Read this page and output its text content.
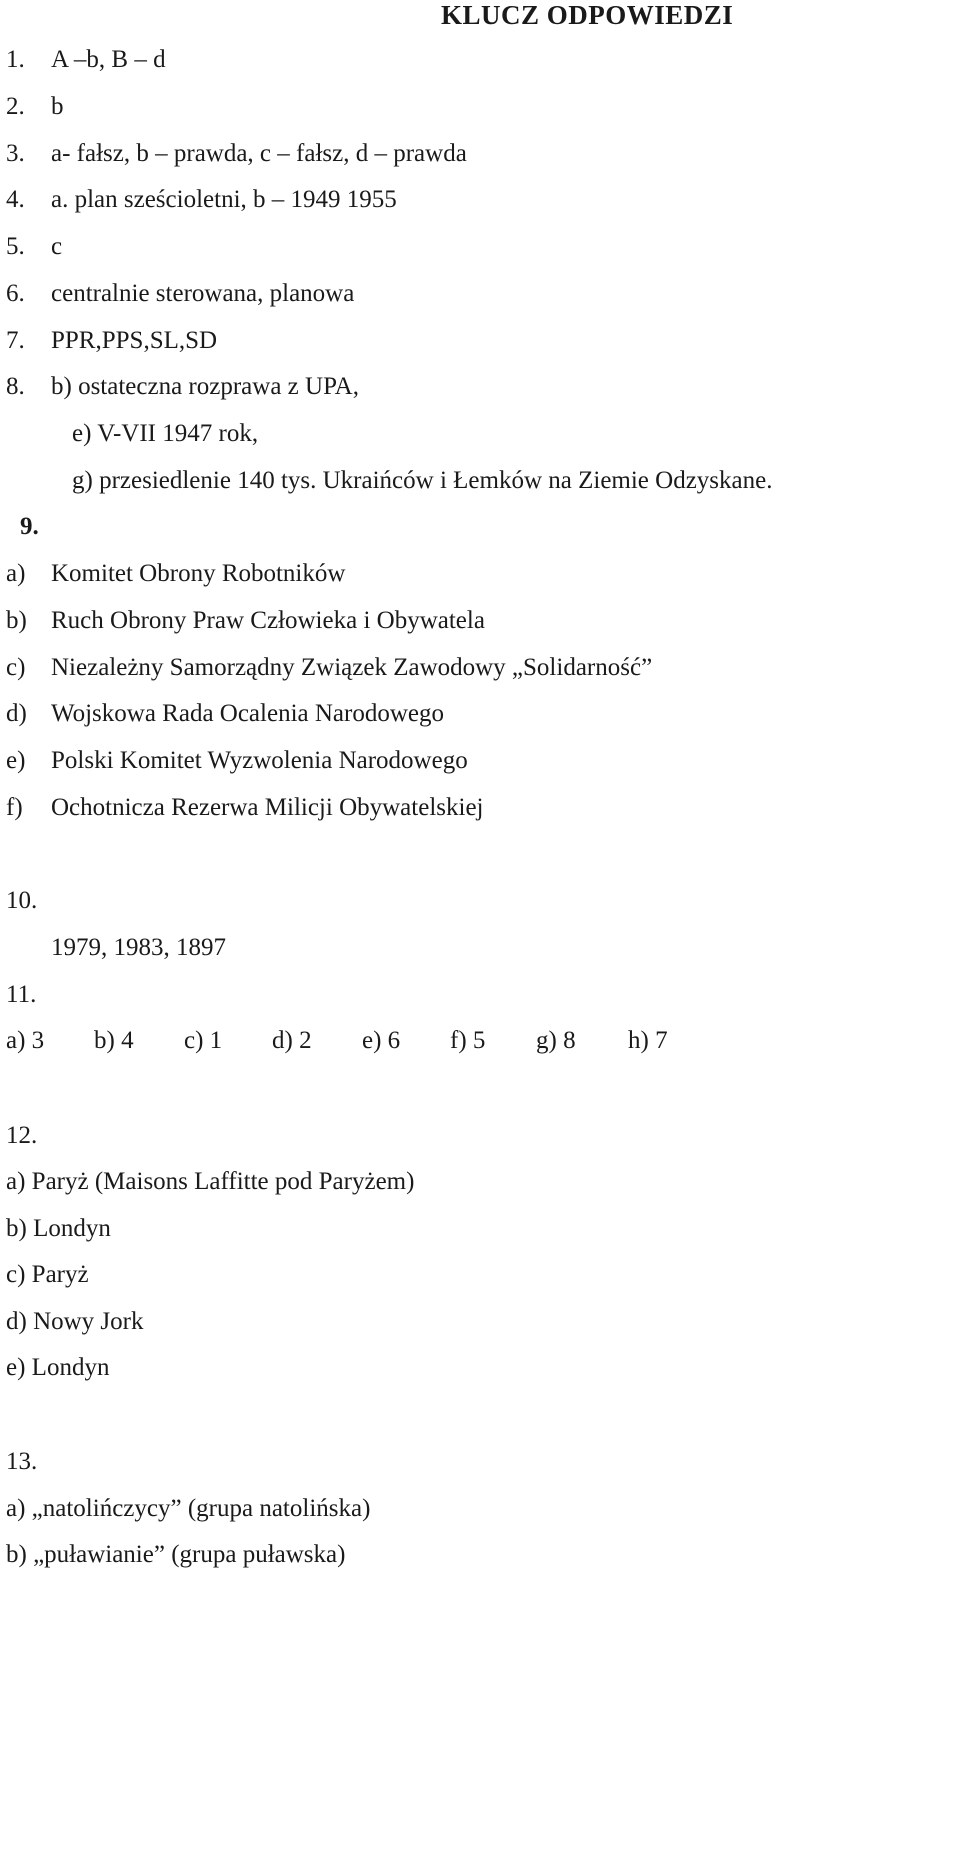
KLUCZ ODPOWIEDZI
1. A –b, B – d
2. b
3. a- fałsz, b – prawda, c – fałsz, d – prawda
4. a. plan sześcioletni, b – 1949 1955
5. c
6. centralnie sterowana, planowa
7. PPR,PPS,SL,SD
8. b) ostateczna rozprawa z UPA,
e) V-VII 1947 rok,
g) przesiedlenie 140 tys. Ukraińców i Łemków na Ziemie Odzyskane.
9.
a) Komitet Obrony Robotników
b) Ruch Obrony Praw Człowieka i Obywatela
c) Niezależny Samorządny Związek Zawodowy „Solidarność”
d) Wojskowa Rada Ocalenia Narodowego
e) Polski Komitet Wyzwolenia Narodowego
f) Ochotnicza Rezerwa Milicji Obywatelskiej
10.
1979, 1983, 1897
11.
a) 3 b) 4 c) 1 d) 2 e) 6 f) 5 g) 8 h) 7
12.
a) Paryż (Maisons Laffitte pod Paryżem)
b) Londyn
c) Paryż
d) Nowy Jork
e) Londyn
13.
a) „natolińczycy” (grupa natolińska)
b) „puławianie” (grupa puławska)
